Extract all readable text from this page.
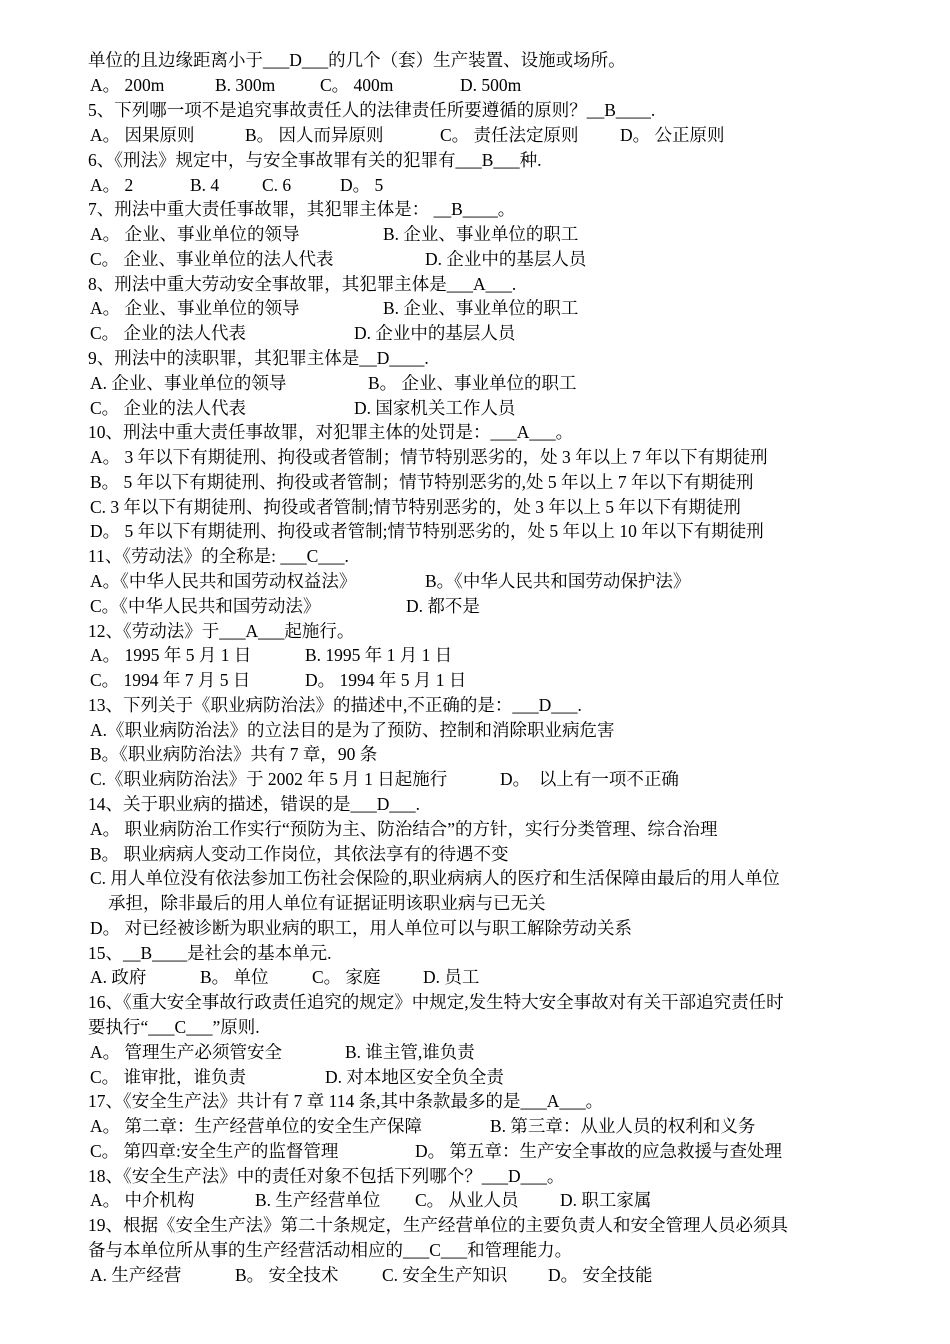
单位的且边缘距离小于___D___的几个（套）生产装置、设施或场所。
A。 200m	B. 300m	C。 400m	D. 500m
5、下列哪一项不是追究事故责任人的法律责任所要遵循的原则？__B____.
A。 因果原则	B。 因人而异原则	C。 责任法定原则 D。 公正原则
6、《刑法》规定中，与安全事故罪有关的犯罪有___B___种.
A。 2	B. 4 C. 6	D。 5
7、刑法中重大责任事故罪，其犯罪主体是： __B____。
A。 企业、事业单位的领导	B. 企业、事业单位的职工
C。 企业、事业单位的法人代表	D. 企业中的基层人员
8、刑法中重大劳动安全事故罪，其犯罪主体是___A___.
A。 企业、事业单位的领导	B. 企业、事业单位的职工
C。 企业的法人代表	D. 企业中的基层人员
9、刑法中的渎职罪，其犯罪主体是__D____.
A. 企业、事业单位的领导	B。 企业、事业单位的职工
C。 企业的法人代表	D. 国家机关工作人员
10、刑法中重大责任事故罪，对犯罪主体的处罚是：___A___。
A。 3 年以下有期徒刑、拘役或者管制；情节特别恶劣的，处 3 年以上 7 年以下有期徒刑
B。 5 年以下有期徒刑、拘役或者管制；情节特别恶劣的,处 5 年以上 7 年以下有期徒刑
C. 3 年以下有期徒刑、拘役或者管制;情节特别恶劣的，处 3 年以上 5 年以下有期徒刑
D。 5 年以下有期徒刑、拘役或者管制;情节特别恶劣的，处 5 年以上 10 年以下有期徒刑
11、《劳动法》的全称是: ___C___.
A。《中华人民共和国劳动权益法》	B。《中华人民共和国劳动保护法》
C。《中华人民共和国劳动法》	D. 都不是
12、《劳动法》于___A___起施行。
A。 1995 年 5 月 1 日	B. 1995 年 1 月 1 日
C。 1994 年 7 月 5 日	D。 1994 年 5 月 1 日
13、下列关于《职业病防治法》的描述中,不正确的是：___D___.
A.《职业病防治法》的立法目的是为了预防、控制和消除职业病危害
B。《职业病防治法》共有 7 章，90 条
C.《职业病防治法》于 2002 年 5 月 1 日起施行	D。  以上有一项不正确
14、关于职业病的描述，错误的是___D___.
A。 职业病防治工作实行“预防为主、防治结合”的方针，实行分类管理、综合治理
B。 职业病病人变动工作岗位，其依法享有的待遇不变
C. 用人单位没有依法参加工伤社会保险的,职业病病人的医疗和生活保障由最后的用人单位
承担，除非最后的用人单位有证据证明该职业病与已无关
D。 对已经被诊断为职业病的职工，用人单位可以与职工解除劳动关系
15、__B____是社会的基本单元.
A. 政府	B。 单位 C。 家庭 D. 员工
16、《重大安全事故行政责任追究的规定》中规定,发生特大安全事故对有关干部追究责任时
要执行“___C___”原则.
A。 管理生产必须管安全	B. 谁主管,谁负责
C。 谁审批，谁负责	D. 对本地区安全负全责
17、《安全生产法》共计有 7 章 114 条,其中条款最多的是___A___。
A。 第二章：生产经营单位的安全生产保障	B. 第三章：从业人员的权利和义务
C。 第四章:安全生产的监督管理	D。 第五章：生产安全事故的应急救援与查处理
18、《安全生产法》中的责任对象不包括下列哪个？___D___。
A。 中介机构	B. 生产经营单位 C。 从业人员 D. 职工家属
19、根据《安全生产法》第二十条规定，生产经营单位的主要负责人和安全管理人员必须具
备与本单位所从事的生产经营活动相应的___C___和管理能力。
A. 生产经营	B。 安全技术 C. 安全生产知识 D。 安全技能
